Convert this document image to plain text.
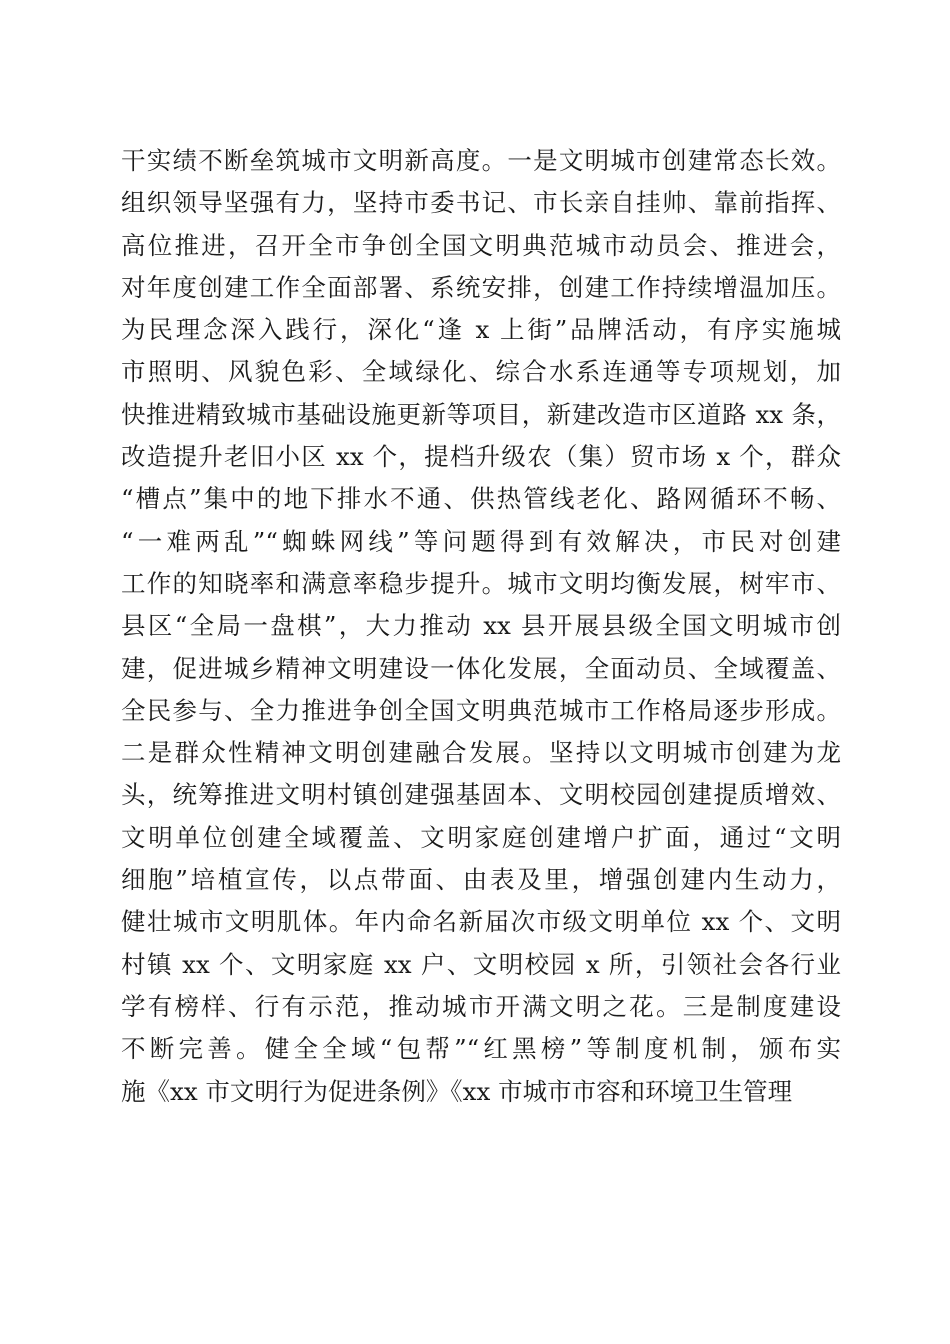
干实绩不断垒筑城市文明新高度。一是文明城市创建常态长效。
组织领导坚强有力，坚持市委书记、市长亲自挂帅、靠前指挥、
高位推进，召开全市争创全国文明典范城市动员会、推进会，
对年度创建工作全面部署、系统安排，创建工作持续增温加压。
为民理念深入践行，深化“逢 x 上街”品牌活动，有序实施城
市照明、风貌色彩、全域绿化、综合水系连通等专项规划，加
快推进精致城市基础设施更新等项目，新建改造市区道路 xx 条，
改造提升老旧小区 xx 个，提档升级农（集）贸市场 x 个，群众
“槽点”集中的地下排水不通、供热管线老化、路网循环不畅、
“一难两乱”“蜘蛛网线”等问题得到有效解决，市民对创建
工作的知晓率和满意率稳步提升。城市文明均衡发展，树牢市、
县区“全局一盘棋”，大力推动 xx 县开展县级全国文明城市创
建，促进城乡精神文明建设一体化发展，全面动员、全域覆盖、
全民参与、全力推进争创全国文明典范城市工作格局逐步形成。
二是群众性精神文明创建融合发展。坚持以文明城市创建为龙
头，统筹推进文明村镇创建强基固本、文明校园创建提质增效、
文明单位创建全域覆盖、文明家庭创建增户扩面，通过“文明
细胞”培植宣传，以点带面、由表及里，增强创建内生动力，
健壮城市文明肌体。年内命名新届次市级文明单位 xx 个、文明
村镇 xx 个、文明家庭 xx 户、文明校园 x 所，引领社会各行业
学有榜样、行有示范，推动城市开满文明之花。三是制度建设
不断完善。健全全域“包帮”“红黑榜”等制度机制，颁布实
施《xx 市文明行为促进条例》《xx 市城市市容和环境卫生管理
